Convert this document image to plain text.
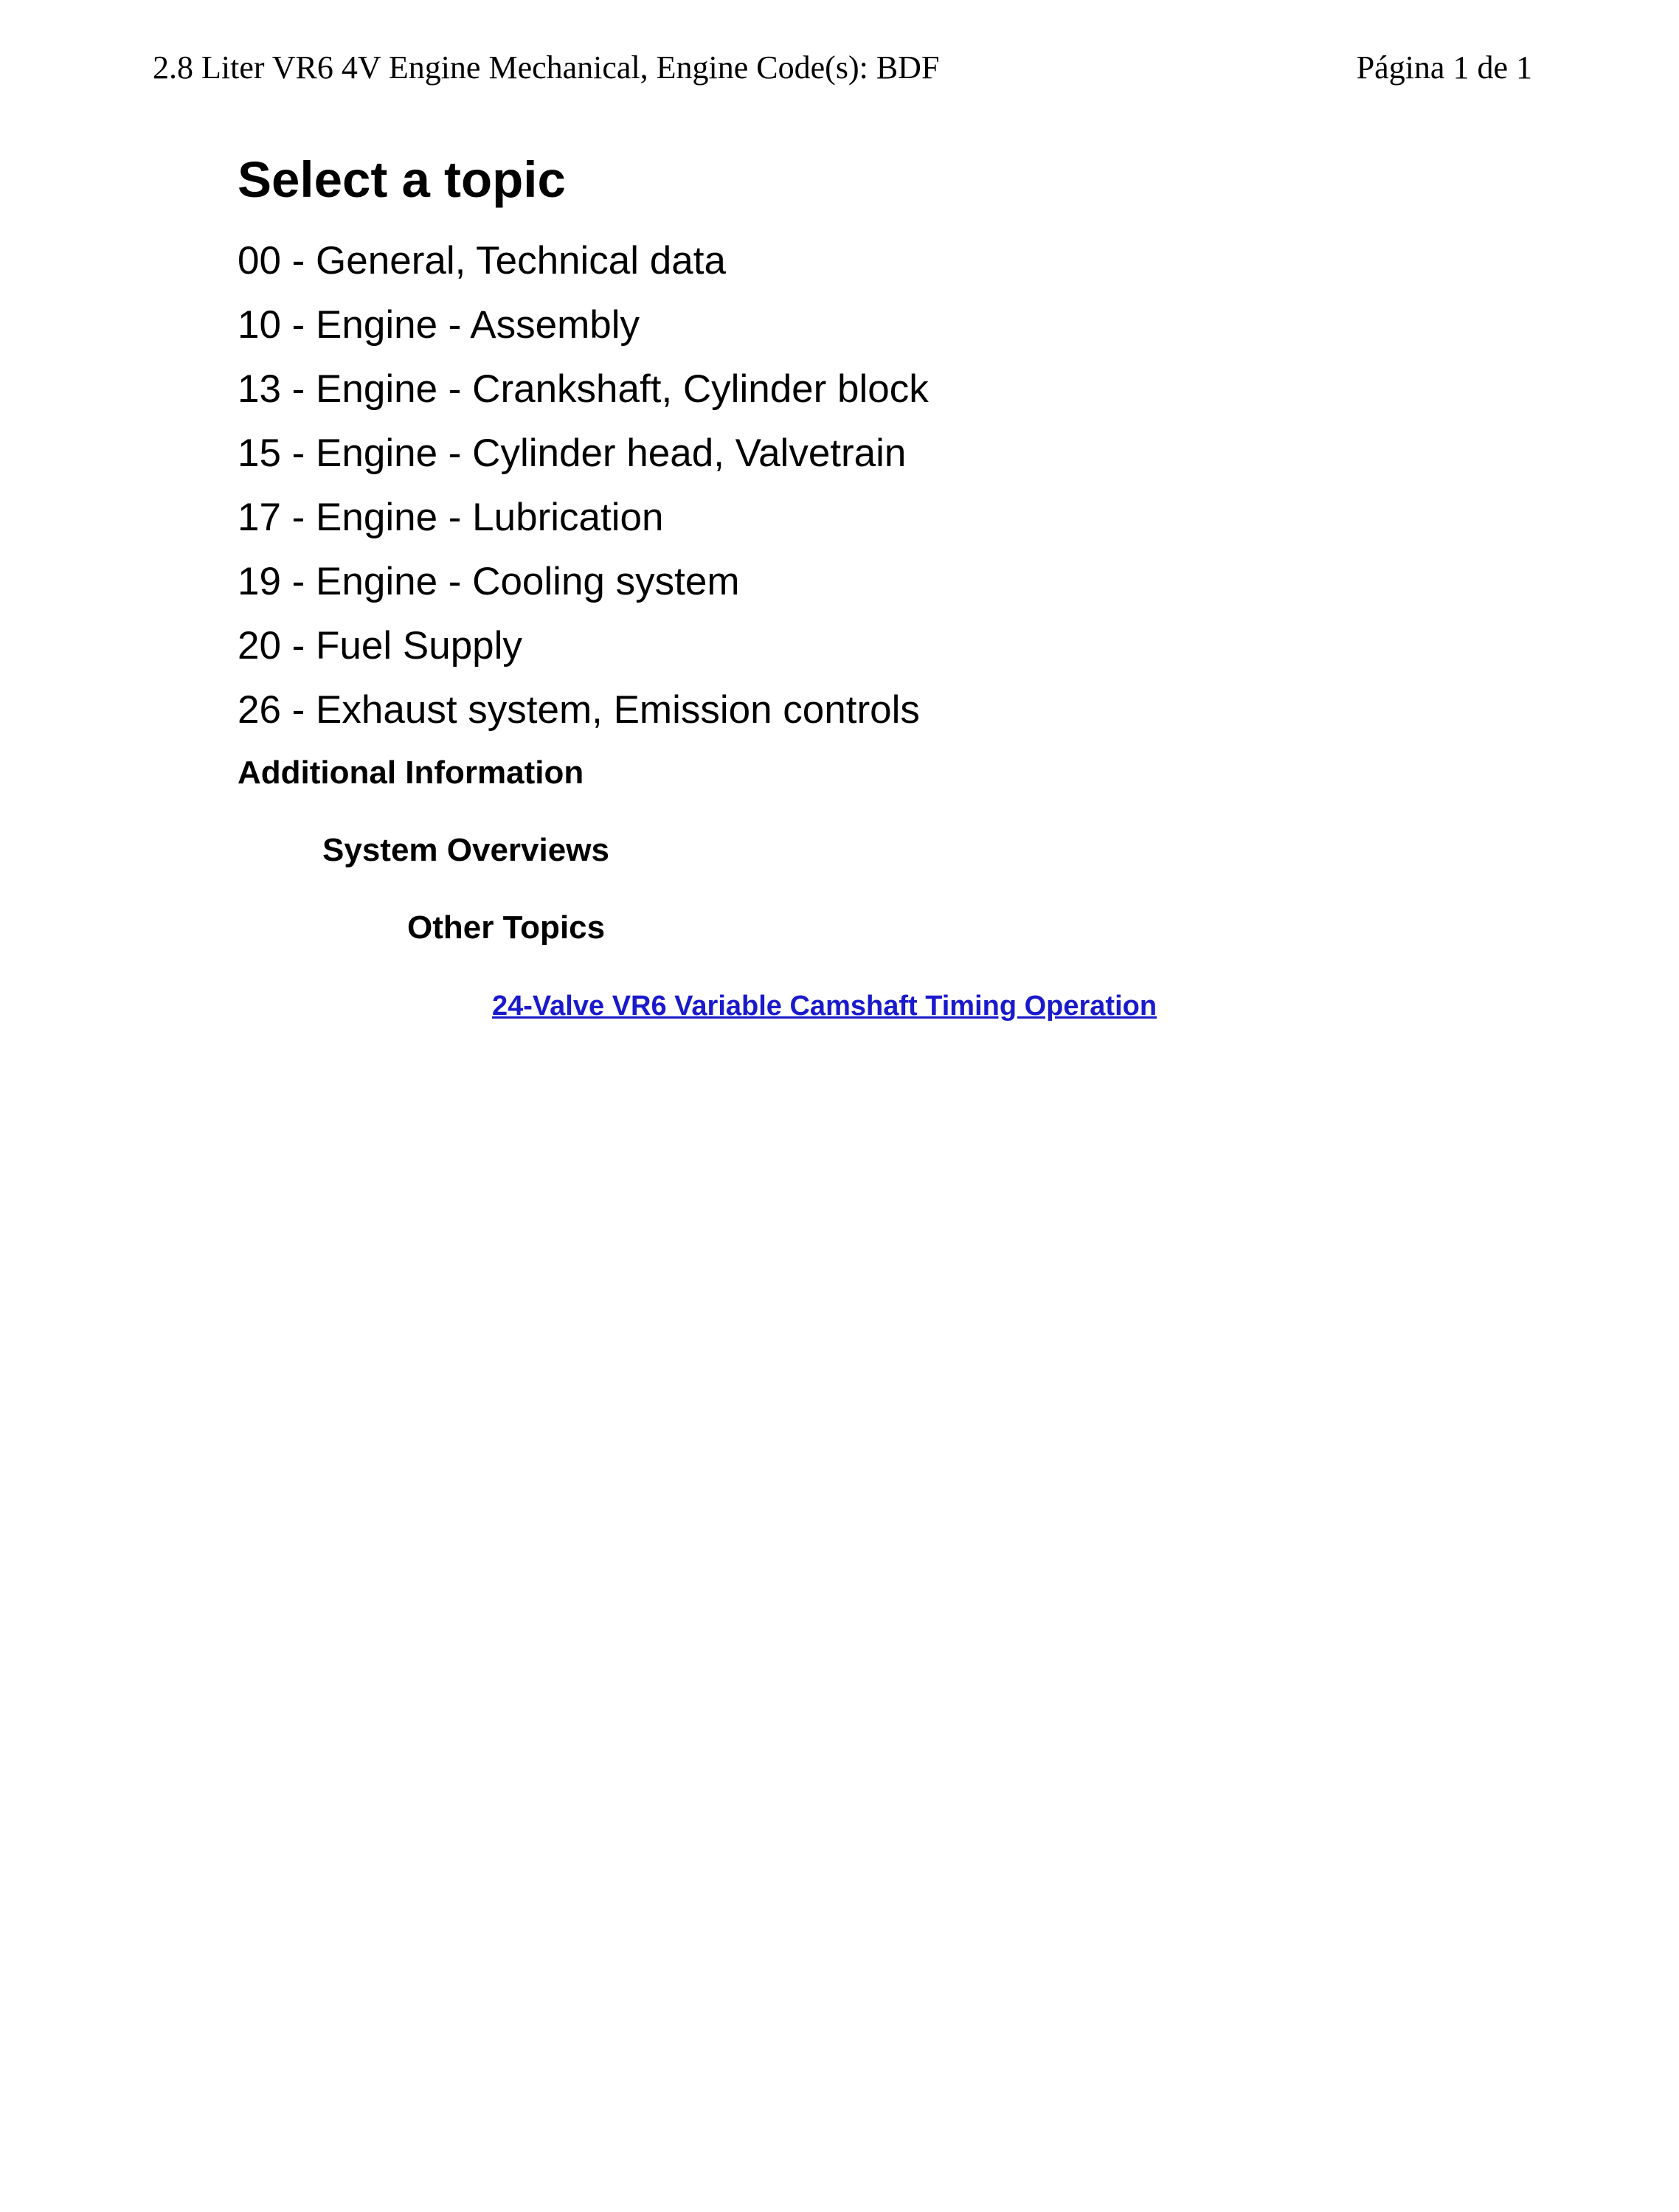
2.8 Liter VR6 4V Engine Mechanical, Engine Code(s): BDF	Página 1 de 1
Select a topic
00 - General, Technical data
10 - Engine - Assembly
13 - Engine - Crankshaft, Cylinder block
15 - Engine - Cylinder head, Valvetrain
17 - Engine - Lubrication
19 - Engine - Cooling system
20 - Fuel Supply
26 - Exhaust system, Emission controls
Additional Information
System Overviews
Other Topics
24-Valve VR6 Variable Camshaft Timing Operation
